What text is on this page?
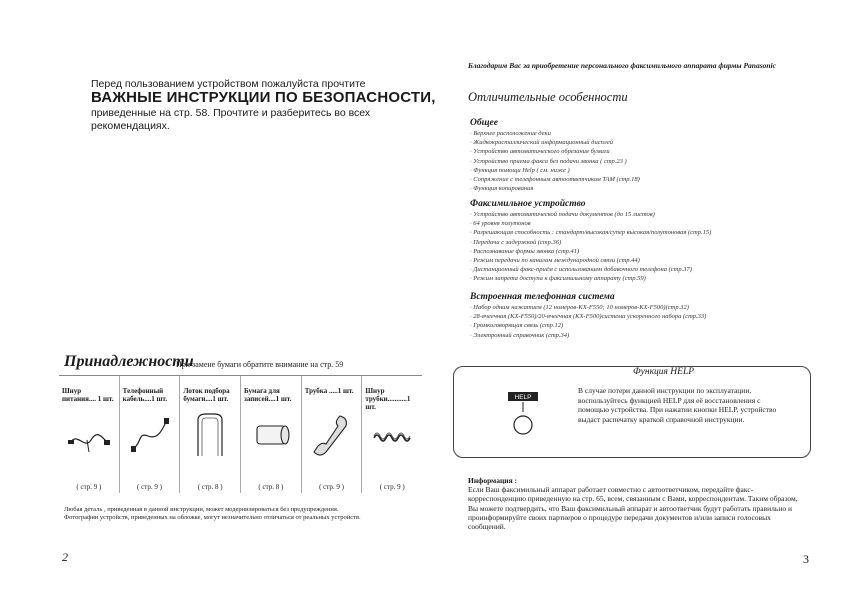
Перед пользованием устройством пожалуйста прочтите
ВАЖНЫЕ ИНСТРУКЦИИ ПО БЕЗОПАСНОСТИ,
приведенные на стр. 58. Прочтите и разберитесь во всех рекомендациях.
Принадлежности
При замене бумаги обратите внимание на стр. 59
Шнур
питания.... 1 шт.
( стр. 9 )
Телефонный
кабель....1 шт.
( стр. 9 )
Лоток подбора
бумаги....1 шт.
( стр. 8 )
Бумага для
записей....1 шт.
( стр. 8 )
Трубка .....1 шт.
( стр. 9 )
Шнур
трубки...........1 шт.
( стр. 9 )
Любая деталь , приведенная в данной инструкции, может модернизироваться без предупреждения. Фотографии устройств, приведенных на обложке, могут незначительно отличаться от реальных устройств.
2
Благодарим Вас за приобретение персонального факсимильного аппарата фирмы Panasonic
Отличительные особенности
Общее
· Верхнее расположение деки
· Жидкокристаллический информационный дисплей
· Устройство автоматического обрезания бумаги
· Устройство приема факса без подачи звонка ( стр.23 )
· Функция помощи Help ( см. ниже )
· Сопряжение с телефонным автоответчиком TAM (стр.18)
· Функция копирования
Факсимильное устройство
· Устройство автоматической подачи документов (до 15 листов)
· 64 уровня полутонов
· Разрешающая способность : стандарт/высокая/супер высокая/полутоновая (стр.15)
· Передача с задержкой (стр.36)
· Распознавание формы звонка (стр.41)
· Режим передачи по каналам международной связи (стр.44)
· Дистанционный факс-приём с использованием добавочного телефона (стр.37)
· Режим запрета доступа к факсимильному аппарату (стр.59)
Встроенная телефонная система
· Набор одним нажатием (12 номеров-KX-F550; 10 номеров-KX-F500)(стр.32)
· 28-ячеечная (KX-F550)/20-ячеечная (KX-F500)система ускоренного набора (стр.33)
· Громкоговорящая связь (стр.12)
· Электронный справочник (стр.34)
Функция HELP
HELP
В случае потери данной инструкции по эксплуатации, воспользуйтесь функцией HELP для её восстановления с помощью устройства. При нажатии кнопки HELP, устройство выдаст распечатку краткой справочной инструкции.
Информация :
Если Ваш факсимильный аппарат работает совместно с автоответчиком, передайте факс-корреспонденцию приведенную на стр. 65, всем, связанным с Вами, корреспондентам. Таким образом, Вы можете подтвердить, что Ваш факсимильный аппарат и автоответчик будут работать правильно и проинформируйте своих партнеров о процедуре передачи документов и/или записи голосовых сообщений.
3
